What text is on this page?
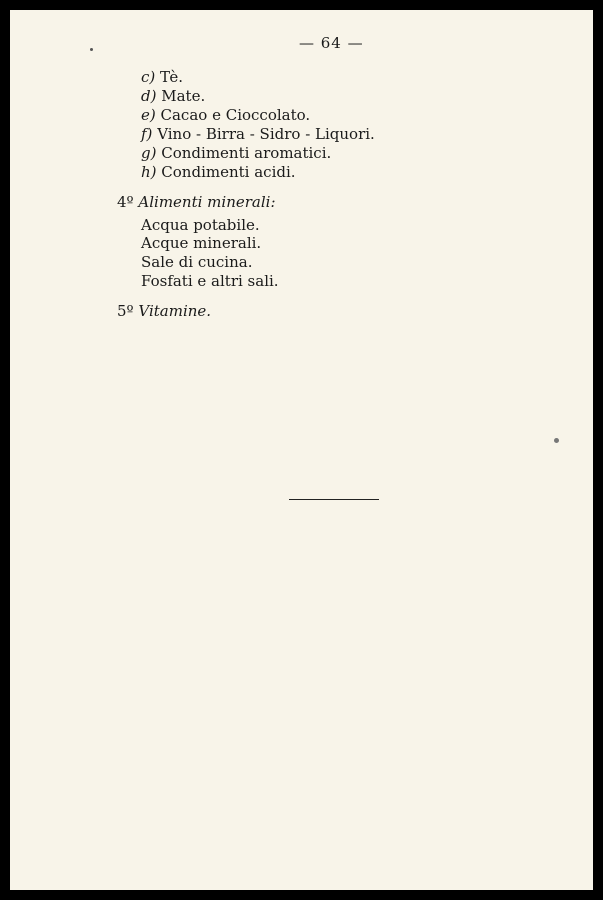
— 64 —
c) Tè.
d) Mate.
e) Cacao e Cioccolato.
f) Vino - Birra - Sidro - Liquori.
g) Condimenti aromatici.
h) Condimenti acidi.
4º Alimenti minerali:
Acqua potabile.
Acque minerali.
Sale di cucina.
Fosfati e altri sali.
5º Vitamine.
